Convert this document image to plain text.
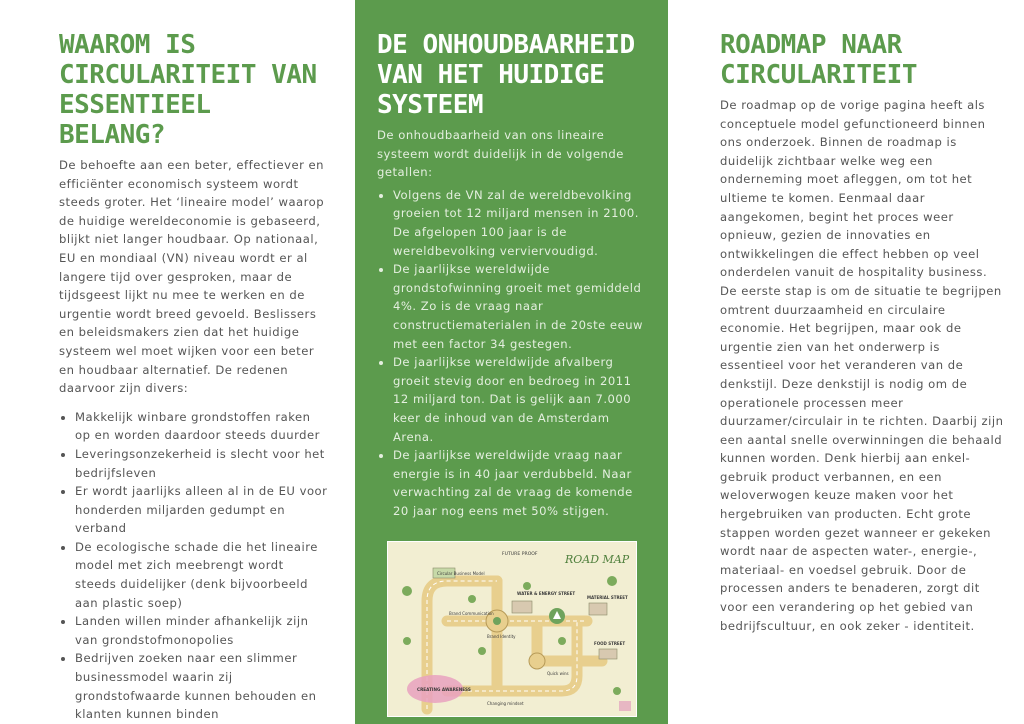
WAAROM IS CIRCULARITEIT VAN ESSENTIEEL BELANG?

De behoefte aan een beter, effectiever en efficiënter economisch systeem wordt steeds groter. Het ‘lineaire model’ waarop de huidige wereldeconomie is gebaseerd, blijkt niet langer houdbaar. Op nationaal, EU en mondiaal (VN) niveau wordt er al langere tijd over gesproken, maar de tijdsgeest lijkt nu mee te werken en de urgentie wordt breed gevoeld. Beslissers en beleidsmakers zien dat het huidige systeem wel moet wijken voor een beter en houdbaar alternatief. De redenen daarvoor zijn divers:

• Makkelijk winbare grondstoffen raken op en worden daardoor steeds duurder
• Leveringsonzekerheid is slecht voor het bedrijfsleven
• Er wordt jaarlijks alleen al in de EU voor honderden miljarden gedumpt en verband
• De ecologische schade die het lineaire model met zich meebrengt wordt steeds duidelijker (denk bijvoorbeeld aan plastic soep)
• Landen willen minder afhankelijk zijn van grondstofmonopolies
• Bedrijven zoeken naar een slimmer businessmodel waarin zij grondstofwaarde kunnen behouden en klanten kunnen binden
DE ONHOUDBAARHEID VAN HET HUIDIGE SYSTEEM

De onhoudbaarheid van ons lineaire systeem wordt duidelijk in de volgende getallen:

• Volgens de VN zal de wereldbevolking groeien tot 12 miljard mensen in 2100. De afgelopen 100 jaar is de wereldbevolking verviervoudigd.
• De jaarlijkse wereldwijde grondstofwinning groeit met gemiddeld 4%. Zo is de vraag naar constructiematerialen in de 20ste eeuw met een factor 34 gestegen.
• De jaarlijkse wereldwijde afvalberg groeit stevig door en bedroeg in 2011 12 miljard ton. Dat is gelijk aan 7.000 keer de inhoud van de Amsterdam Arena.
• De jaarlijkse wereldwijde vraag naar energie is in 40 jaar verdubbeld. Naar verwachting zal de vraag de komende 20 jaar nog eens met 50% stijgen.
ROADMAP NAAR CIRCULARITEIT

De roadmap op de vorige pagina heeft als conceptuele model gefunctioneerd binnen ons onderzoek. Binnen de roadmap is duidelijk zichtbaar welke weg een onderneming moet afleggen, om tot het ultieme te komen. Eenmaal daar aangekomen, begint het proces weer opnieuw, gezien de innovaties en ontwikkelingen die effect hebben op veel onderdelen vanuit de hospitality business. De eerste stap is om de situatie te begrijpen omtrent duurzaamheid en circulaire economie. Het begrijpen, maar ook de urgentie zien van het onderwerp is essentieel voor het veranderen van de denkstijl. Deze denkstijl is nodig om de operationele processen meer duurzamer/circulair in te richten. Daarbij zijn een aantal snelle overwinningen die behaald kunnen worden. Denk hierbij aan enkel-gebruik product verbannen, en een weloverwogen keuze maken voor het hergebruiken van producten. Echt grote stappen worden gezet wanneer er gekeken wordt naar de aspecten water-, energie-, materiaal- en voedsel gebruik. Door de processen anders te benaderen, zorgt dit voor een verandering op het gebied van bedrijfscultuur, en ook zeker - identiteit.

ROAD MAP
FUTURE PROOF
Circular Business Model
WATER & ENERGY STREET
MATERIAL STREET
FOOD STREET
Brand Communication
Brand Identity
Quick wins
CREATING AWARENESS
Changing mindset
